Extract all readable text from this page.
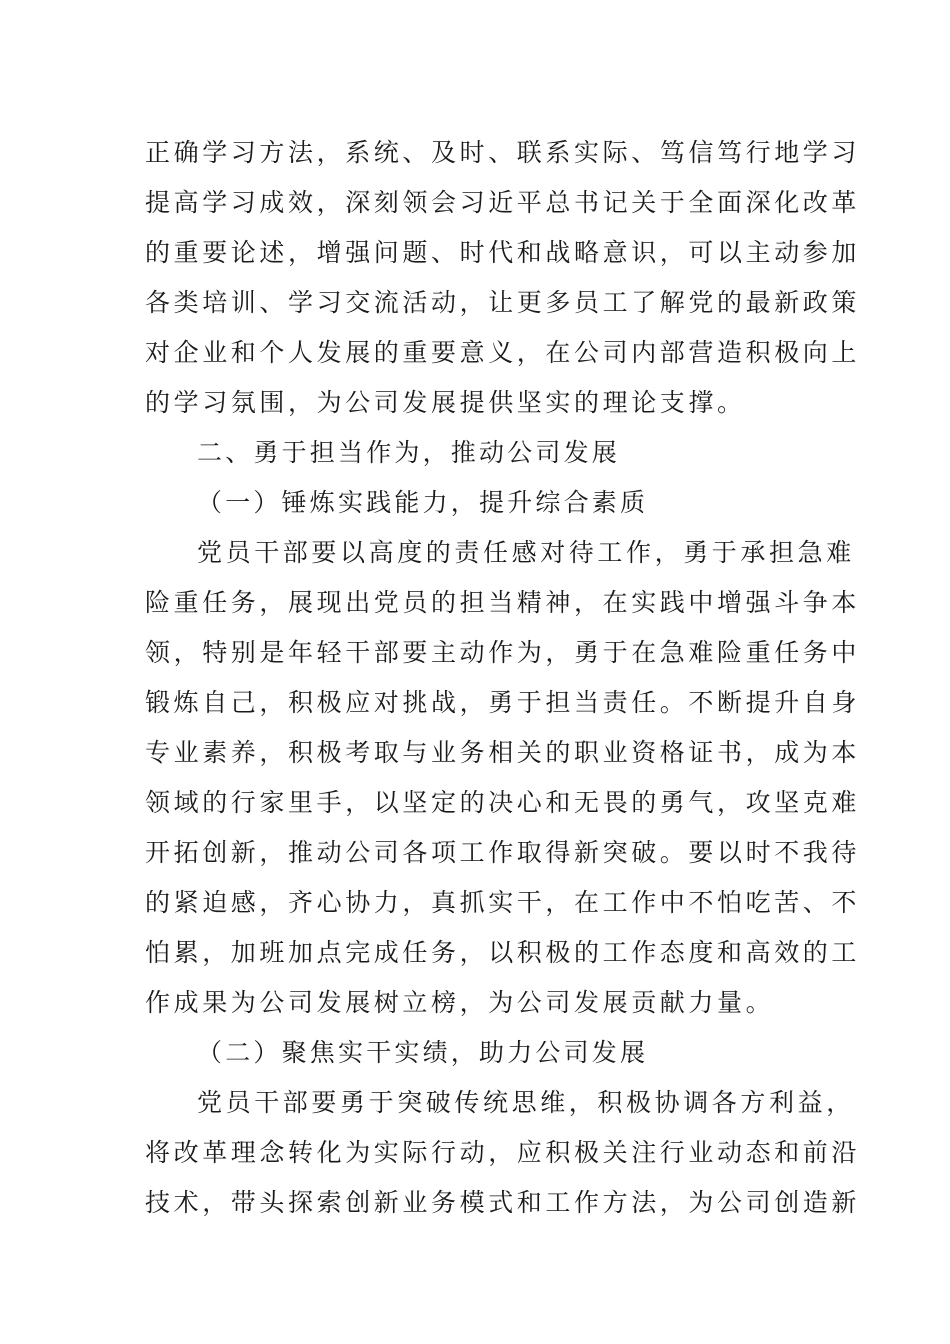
正确学习方法，系统、及时、联系实际、笃信笃行地学习
提高学习成效，深刻领会习近平总书记关于全面深化改革
的重要论述，增强问题、时代和战略意识，可以主动参加
各类培训、学习交流活动，让更多员工了解党的最新政策
对企业和个人发展的重要意义，在公司内部营造积极向上
的学习氛围，为公司发展提供坚实的理论支撑。
二、勇于担当作为，推动公司发展
（一）锤炼实践能力，提升综合素质
党员干部要以高度的责任感对待工作，勇于承担急难
险重任务，展现出党员的担当精神，在实践中增强斗争本
领，特别是年轻干部要主动作为，勇于在急难险重任务中
锻炼自己，积极应对挑战，勇于担当责任。不断提升自身
专业素养，积极考取与业务相关的职业资格证书，成为本
领域的行家里手，以坚定的决心和无畏的勇气，攻坚克难
开拓创新，推动公司各项工作取得新突破。要以时不我待
的紧迫感，齐心协力，真抓实干，在工作中不怕吃苦、不
怕累，加班加点完成任务，以积极的工作态度和高效的工
作成果为公司发展树立榜，为公司发展贡献力量。
（二）聚焦实干实绩，助力公司发展
党员干部要勇于突破传统思维，积极协调各方利益，
将改革理念转化为实际行动，应积极关注行业动态和前沿
技术，带头探索创新业务模式和工作方法，为公司创造新
